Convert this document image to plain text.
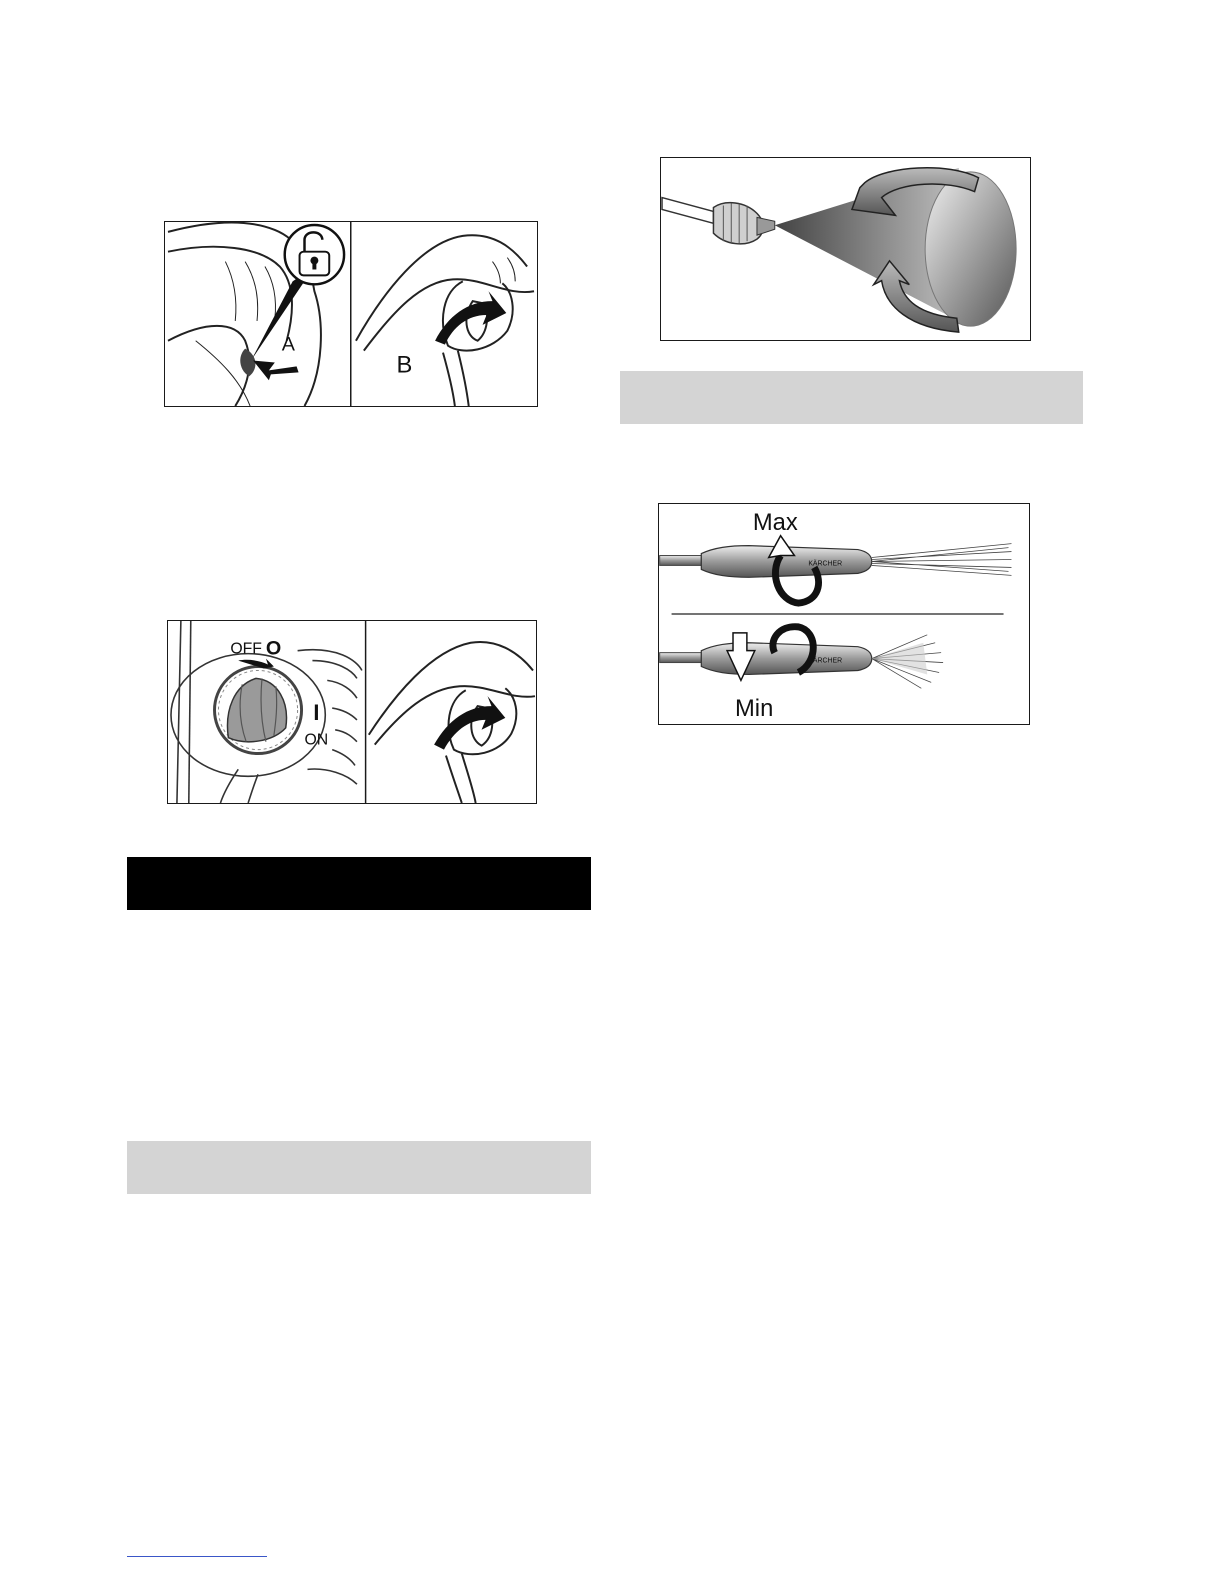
A
B
OFF O
I
ON
KÄRCHER
Max
KÄRCHER
Min
